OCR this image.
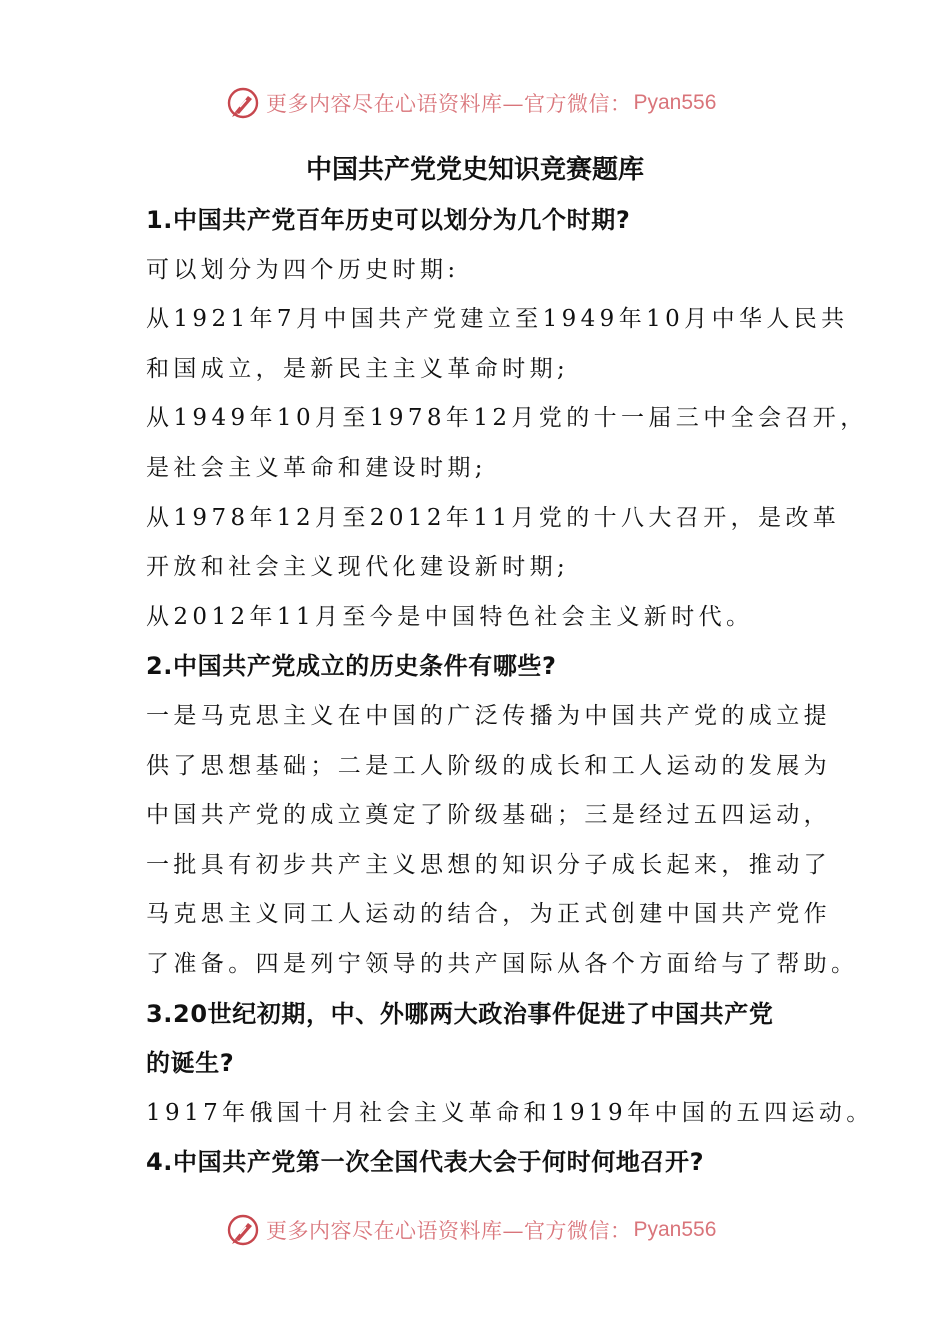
更多内容尽在心语资料库—官方微信： Pyan556
中国共产党党史知识竞赛题库
1.中国共产党百年历史可以划分为几个时期?
可以划分为四个历史时期:
从1921年7月中国共产党建立至1949年10月中华人民共
和国成立，是新民主主义革命时期;
从1949年10月至1978年12月党的十一届三中全会召开，
是社会主义革命和建设时期;
从1978年12月至2012年11月党的十八大召开，是改革
开放和社会主义现代化建设新时期;
从2012年11月至今是中国特色社会主义新时代。
2.中国共产党成立的历史条件有哪些?
一是马克思主义在中国的广泛传播为中国共产党的成立提
供了思想基础；二是工人阶级的成长和工人运动的发展为
中国共产党的成立奠定了阶级基础；三是经过五四运动，
一批具有初步共产主义思想的知识分子成长起来，推动了
马克思主义同工人运动的结合，为正式创建中国共产党作
了准备。四是列宁领导的共产国际从各个方面给与了帮助。
3.20世纪初期，中、外哪两大政治事件促进了中国共产党
的诞生?
1917年俄国十月社会主义革命和1919年中国的五四运动。
4.中国共产党第一次全国代表大会于何时何地召开?
更多内容尽在心语资料库—官方微信： Pyan556
